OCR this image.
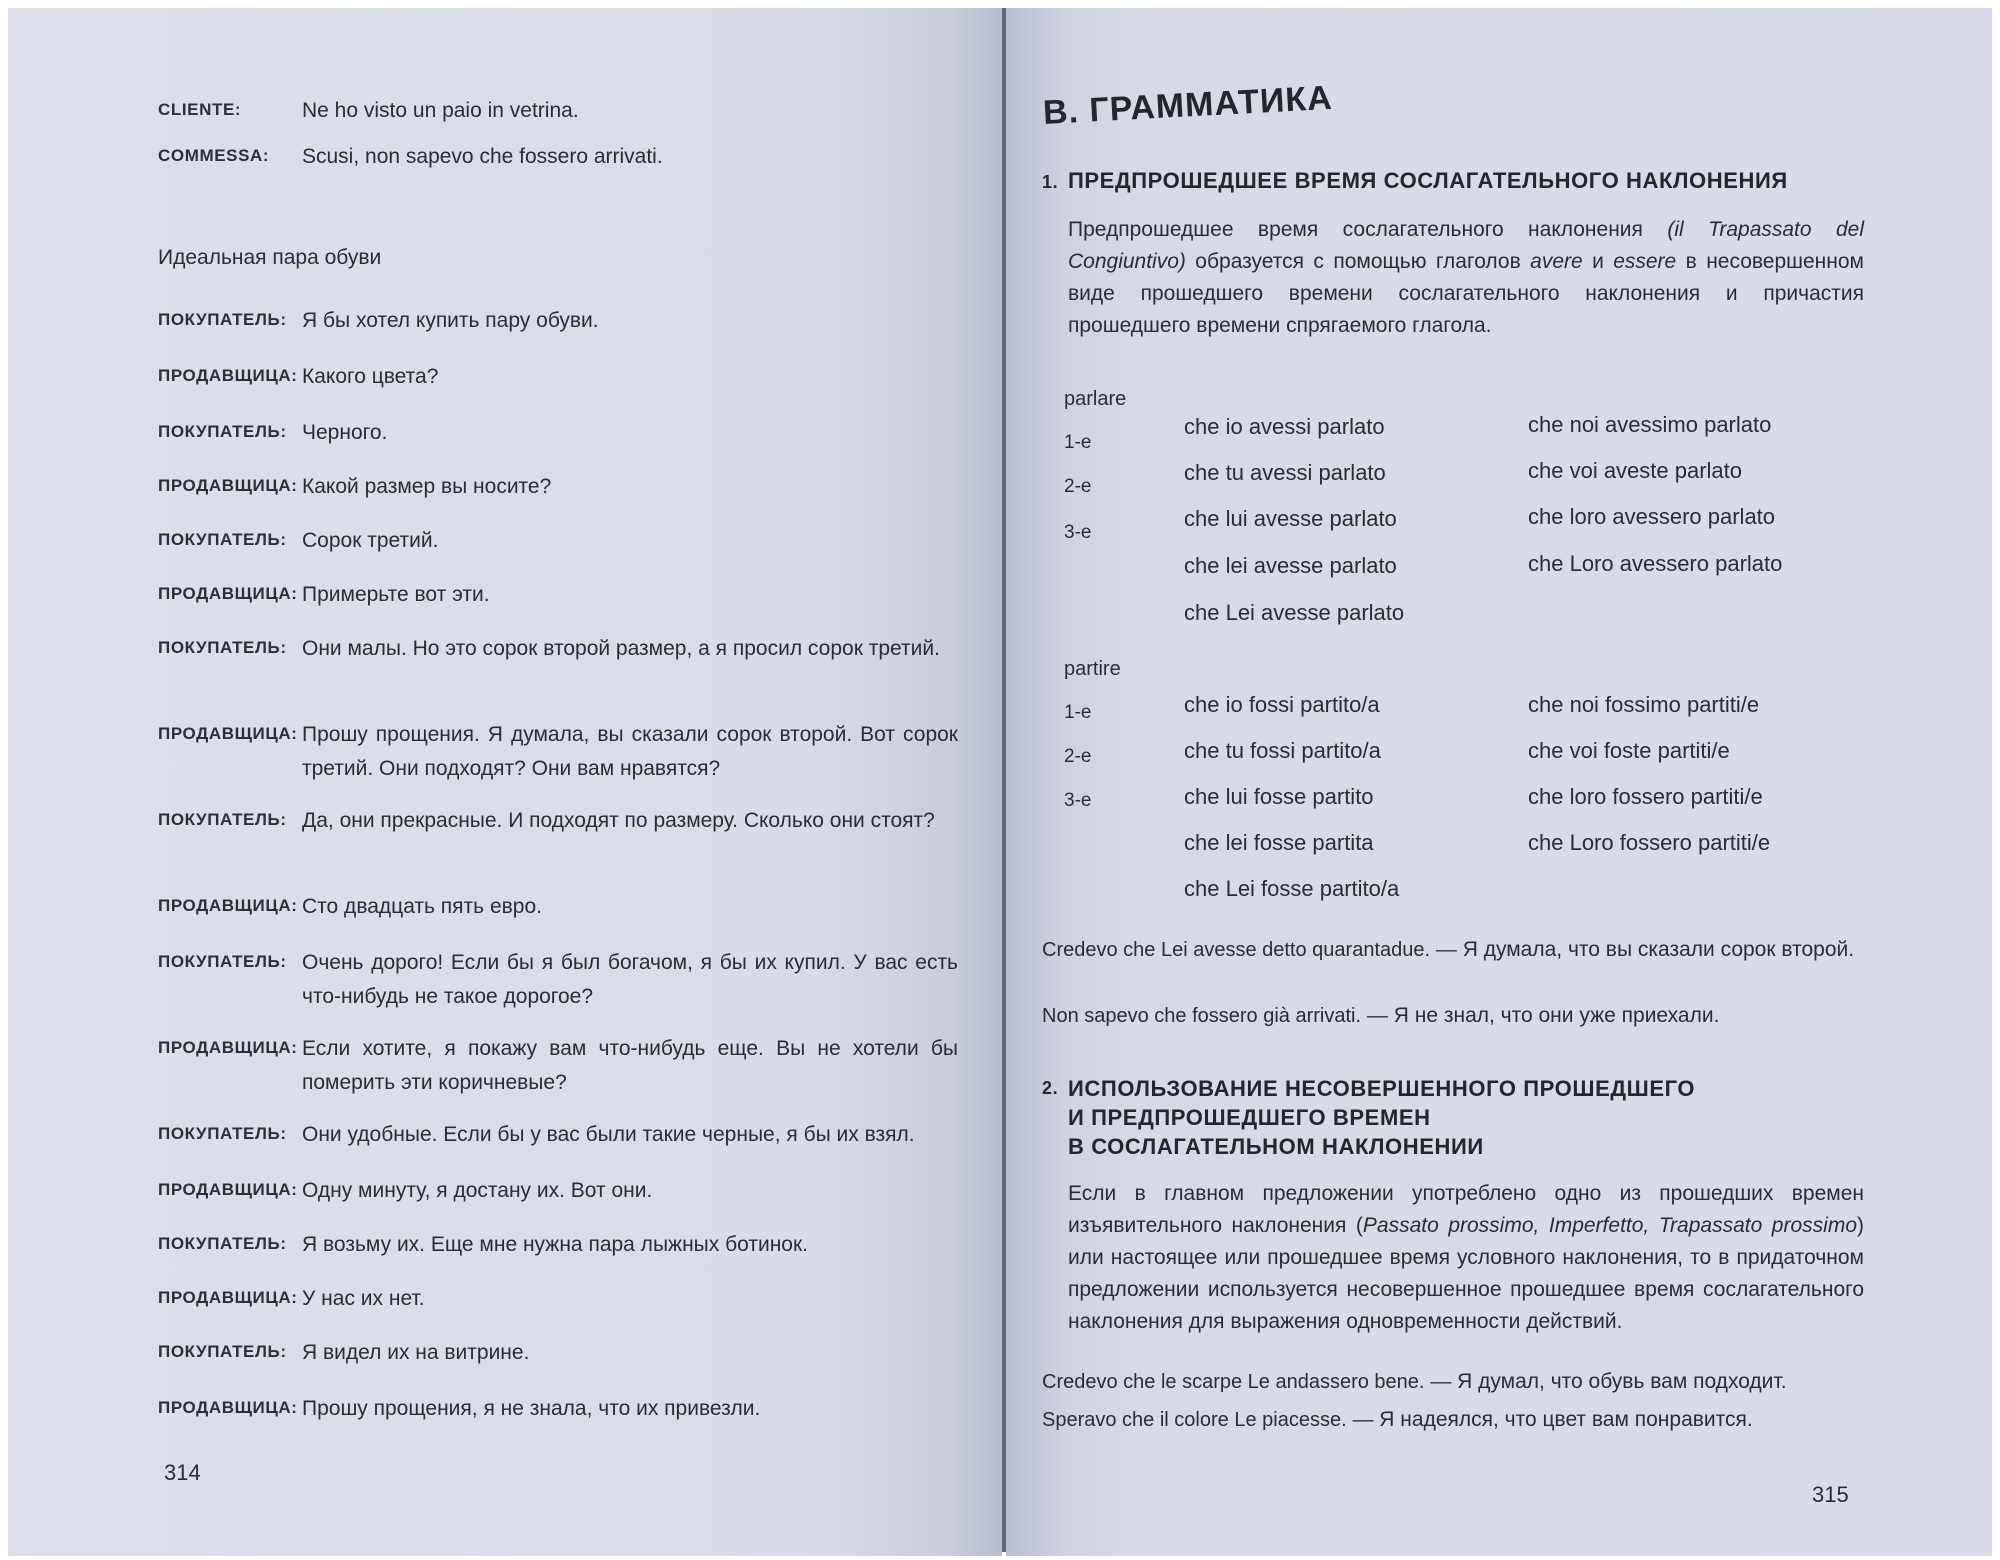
CLIENTE:	Ne ho visto un paio in vetrina.
COMMESSA:	Scusi, non sapevo che fossero arrivati.
Идеальная пара обуви
ПОКУПАТЕЛЬ: Я бы хотел купить пару обуви.
ПРОДАВЩИЦА: Какого цвета?
ПОКУПАТЕЛЬ: Черного.
ПРОДАВЩИЦА: Какой размер вы носите?
ПОКУПАТЕЛЬ: Сорок третий.
ПРОДАВЩИЦА: Примерьте вот эти.
ПОКУПАТЕЛЬ: Они малы. Но это сорок второй размер, а я просил сорок третий.
ПРОДАВЩИЦА: Прошу прощения. Я думала, вы сказали сорок второй. Вот сорок третий. Они подходят? Они вам нравятся?
ПОКУПАТЕЛЬ: Да, они прекрасные. И подходят по размеру. Сколько они стоят?
ПРОДАВЩИЦА: Сто двадцать пять евро.
ПОКУПАТЕЛЬ: Очень дорого! Если бы я был богачом, я бы их купил. У вас есть что-нибудь не такое дорогое?
ПРОДАВЩИЦА: Если хотите, я покажу вам что-нибудь еще. Вы не хотели бы померить эти коричневые?
ПОКУПАТЕЛЬ: Они удобные. Если бы у вас были такие черные, я бы их взял.
ПРОДАВЩИЦА: Одну минуту, я достану их. Вот они.
ПОКУПАТЕЛЬ: Я возьму их. Еще мне нужна пара лыжных ботинок.
ПРОДАВЩИЦА: У нас их нет.
ПОКУПАТЕЛЬ: Я видел их на витрине.
ПРОДАВЩИЦА: Прошу прощения, я не знала, что их привезли.
314
В. ГРАММАТИКА
1. ПРЕДПРОШЕДШЕЕ ВРЕМЯ СОСЛАГАТЕЛЬНОГО НАКЛОНЕНИЯ
Предпрошедшее время сослагательного наклонения (il Trapassato del Congiuntivo) образуется с помощью глаголов avere и essere в несовершенном виде прошедшего времени сослагательного наклонения и причастия прошедшего времени спрягаемого глагола.
parlare
1-е
2-е
3-е
che io avessi parlato
che tu avessi parlato
che lui avesse parlato
che lei avesse parlato
che Lei avesse parlato
che noi avessimo parlato
che voi aveste parlato
che loro avessero parlato
che Loro avessero parlato
partire
1-е
2-е
3-е
che io fossi partito/a
che tu fossi partito/a
che lui fosse partito
che lei fosse partita
che Lei fosse partito/a
che noi fossimo partiti/e
che voi foste partiti/e
che loro fossero partiti/e
che Loro fossero partiti/e
Credevo che Lei avesse detto quarantadue. — Я думала, что вы сказали сорок второй.
Non sapevo che fossero già arrivati. — Я не знал, что они уже приехали.
2. ИСПОЛЬЗОВАНИЕ НЕСОВЕРШЕННОГО ПРОШЕДШЕГО
И ПРЕДПРОШЕДШЕГО ВРЕМЕН
В СОСЛАГАТЕЛЬНОМ НАКЛОНЕНИИ
Если в главном предложении употреблено одно из прошедших времен изъявительного наклонения (Passato prossimo, Imperfetto, Trapassato prossimo) или настоящее или прошедшее время условного наклонения, то в придаточном предложении используется несовершенное прошедшее время сослагательного наклонения для выражения одновременности действий.
Credevo che le scarpe Le andassero bene. — Я думал, что обувь вам подходит.
Speravo che il colore Le piacesse. — Я надеялся, что цвет вам понравится.
315
